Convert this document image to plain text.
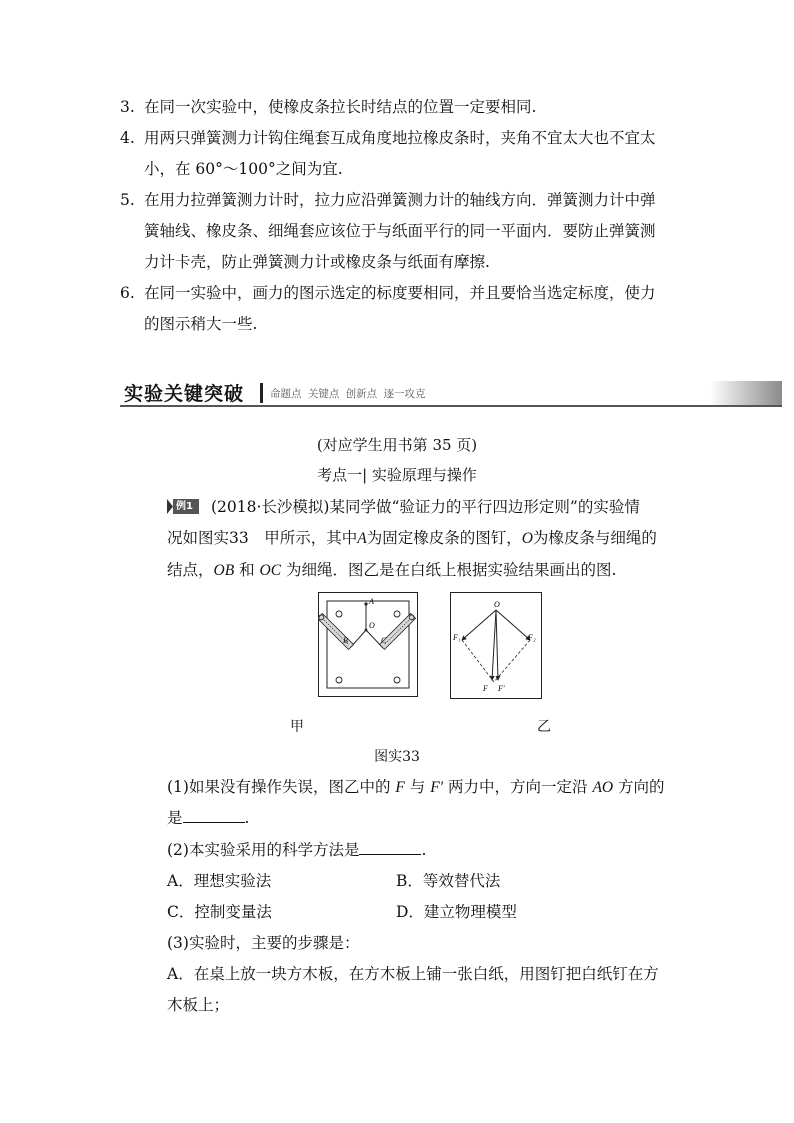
3. 在同一次实验中，使橡皮条拉长时结点的位置一定要相同.
4. 用两只弹簧测力计钩住绳套互成角度地拉橡皮条时，夹角不宜太大也不宜太
小，在 60°～100°之间为宜.
5. 在用力拉弹簧测力计时，拉力应沿弹簧测力计的轴线方向．弹簧测力计中弹
簧轴线、橡皮条、细绳套应该位于与纸面平行的同一平面内．要防止弹簧测
力计卡壳，防止弹簧测力计或橡皮条与纸面有摩擦.
6. 在同一实验中，画力的图示选定的标度要相同，并且要恰当选定标度，使力
的图示稍大一些.
实验关键突破 命题点 关键点 创新点 逐一攻克
(对应学生用书第 35 页)
考点一| 实验原理与操作
例1 (2018·长沙模拟)某同学做“验证力的平行四边形定则”的实验情
况如图实33　甲所示，其中A为固定橡皮条的图钉，O为橡皮条与细绳的
结点，OB 和 OC 为细绳．图乙是在白纸上根据实验结果画出的图.
A
O
B	C
O
F₁	F₂
F F′
甲	乙
图实33
(1)如果没有操作失误，图乙中的 F 与 F′ 两力中，方向一定沿 AO 方向的
是	.
(2)本实验采用的科学方法是	.
A．理想实验法	B．等效替代法
C．控制变量法	D．建立物理模型
(3)实验时，主要的步骤是：
A．在桌上放一块方木板，在方木板上铺一张白纸，用图钉把白纸钉在方
木板上；
